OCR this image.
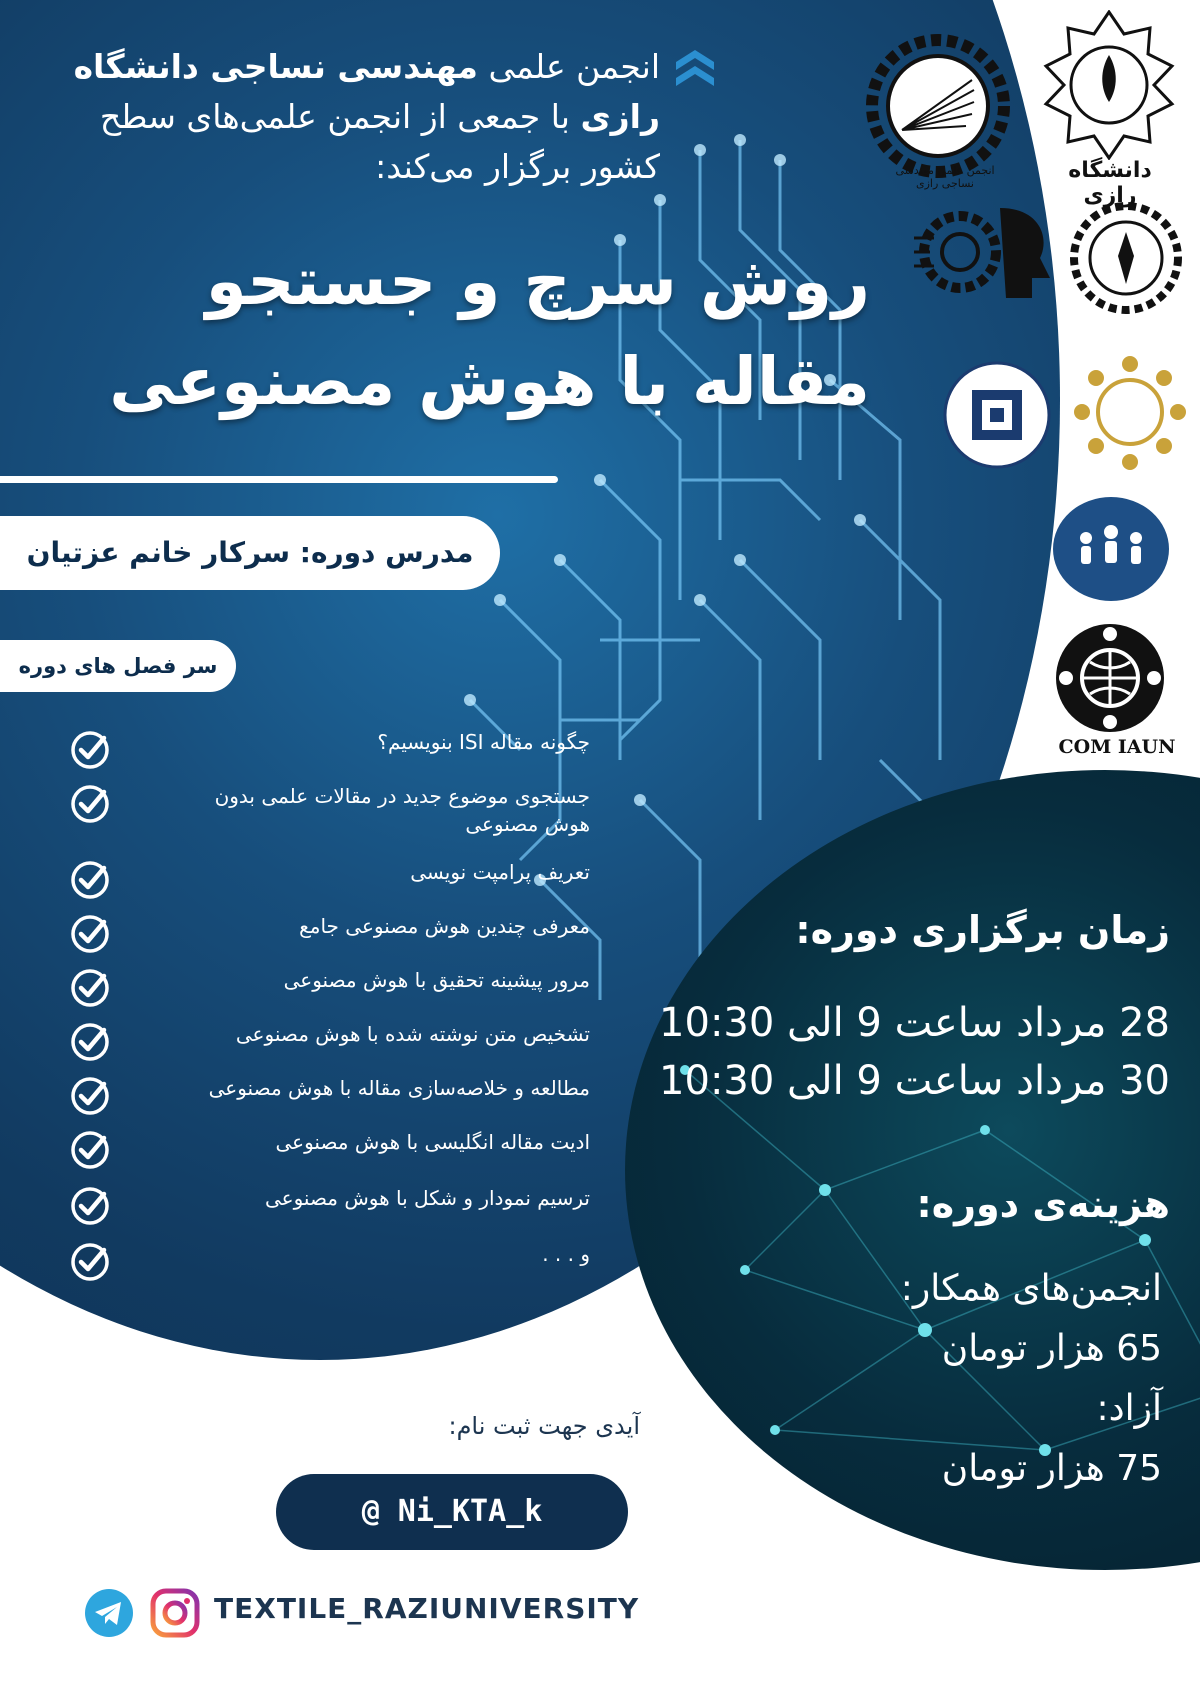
انجمن علمی مهندسی نساجی دانشگاه رازی با جمعی از انجمن علمی‌های سطح کشور برگزار می‌کند:
روش سرچ و جستجو مقاله با هوش مصنوعی
مدرس دوره: سرکار خانم عزتیان
سر فصل های دوره
چگونه مقاله ISI بنویسیم؟
جستجوی موضوع جدید در مقالات علمی بدون هوش مصنوعی
تعریف پرامپت نویسی
معرفی چندین هوش مصنوعی جامع
مرور پیشینه تحقیق با هوش مصنوعی
تشخیص متن نوشته شده با هوش مصنوعی
مطالعه و خلاصه‌سازی مقاله با هوش مصنوعی
ادیت مقاله انگلیسی با هوش مصنوعی
ترسیم نمودار و شکل با هوش مصنوعی
و . . .
زمان برگزاری دوره:
28 مرداد ساعت 9 الی 10:30
30 مرداد ساعت 9 الی 10:30
هزینه‌ی دوره:
انجمن‌های همکار:
65 هزار تومان
آزاد:
75 هزار تومان
آیدی جهت ثبت نام:
@ Ni_KTA_k
TEXTILE_RAZIUNIVERSITY
انجمن علمی مهندسی نساجی رازی
دانشگاه رازی
COM IAUN
